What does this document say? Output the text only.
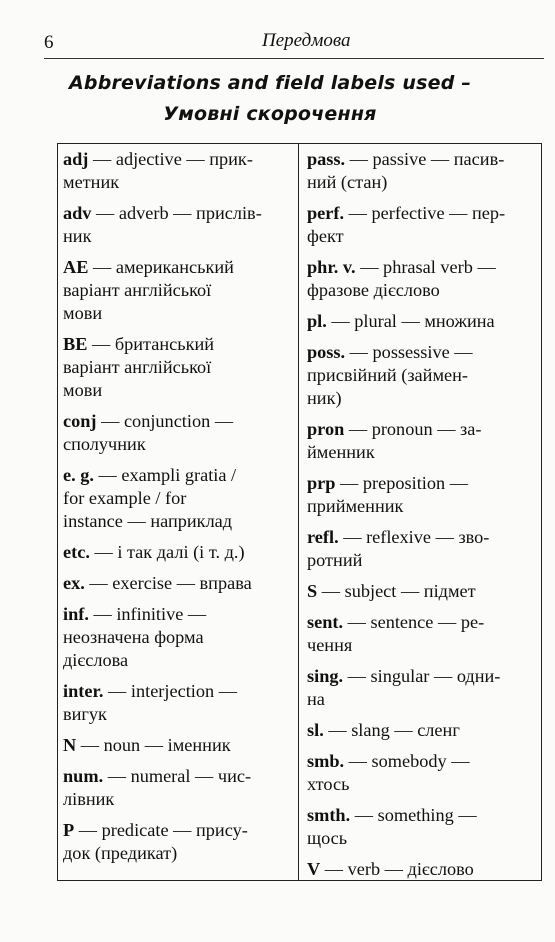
6	Передмова
Abbreviations and field labels used –
Умовні скорочення
adj — adjective — прик-
метник
adv — adverb — прислів-
ник
AE — американський
варіант англійської
мови
BE — британський
варіант англійської
мови
conj — conjunction —
сполучник
e. g. — exampli gratia /
for example / for
instance — наприклад
etc. — і так далі (і т. д.)
ex. — exercise — вправа
inf. — infinitive —
неозначена форма
дієслова
inter. — interjection —
вигук
N — noun — іменник
num. — numeral — чис-
лівник
P — predicate — прису-
док (предикат)
pass. — passive — пасив-
ний (стан)
perf. — perfective — пер-
фект
phr. v. — phrasal verb —
фразове дієслово
pl. — plural — множина
poss. — possessive —
присвійний (займен-
ник)
pron — pronoun — за-
йменник
prp — preposition —
прийменник
refl. — reflexive — зво-
ротний
S — subject — підмет
sent. — sentence — ре-
чення
sing. — singular — одни-
на
sl. — slang — сленг
smb. — somebody —
хтось
smth. — something —
щось
V — verb — дієслово
